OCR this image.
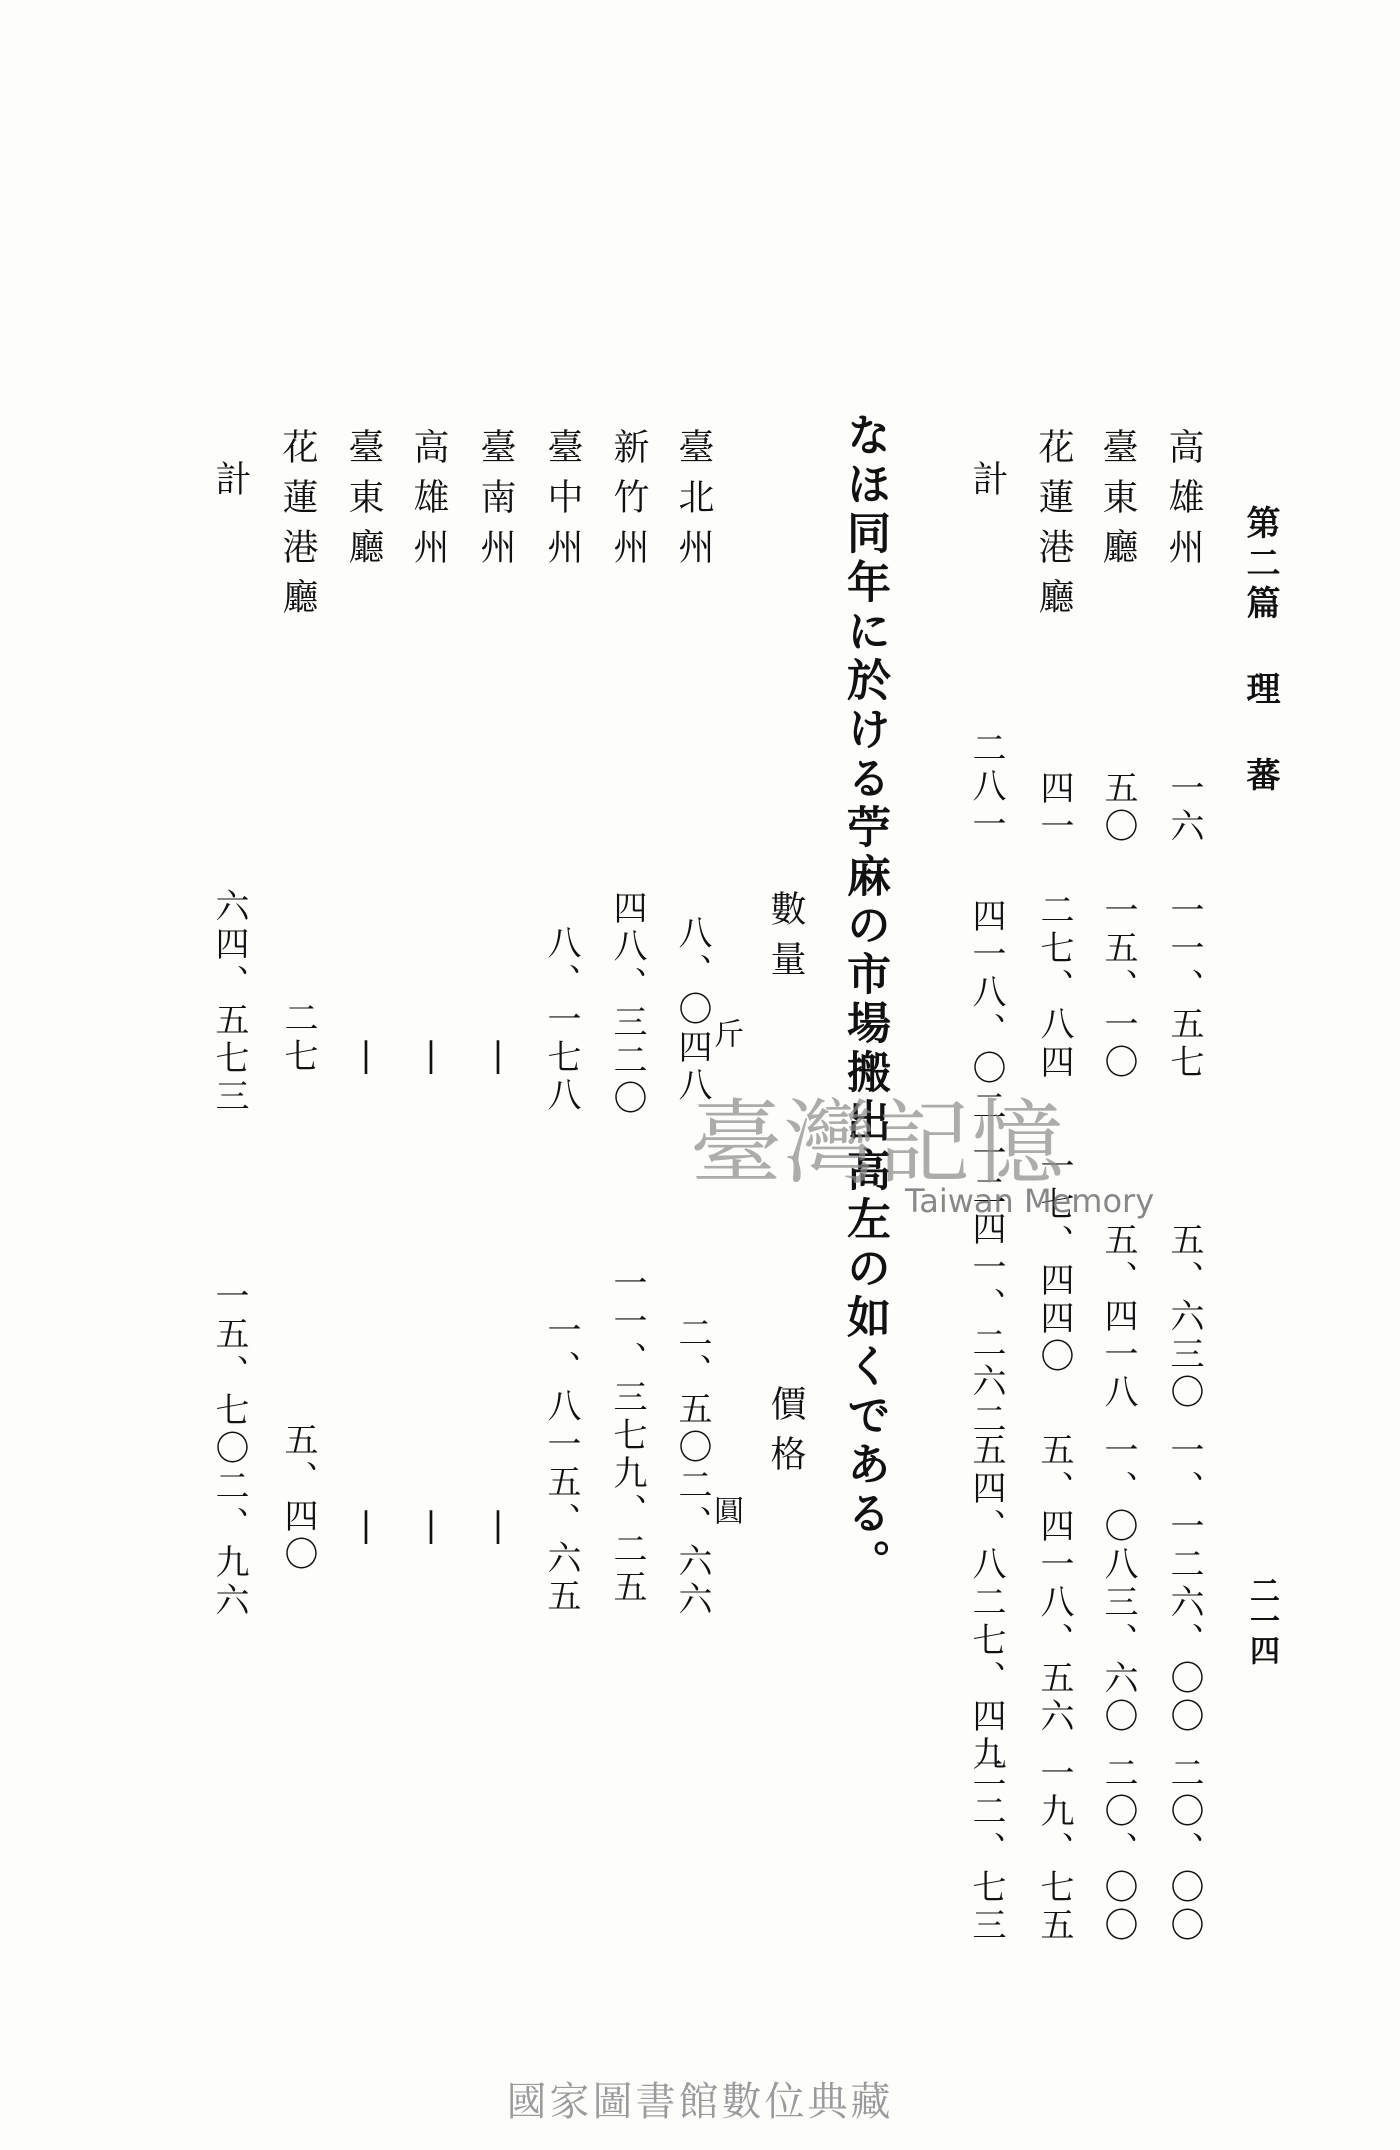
第二篇 理 蕃
二一四
高雄州
一六
一一、五七
五、六三〇
一、一二六、〇〇
二〇、〇〇
臺東廳
五〇
一五、一〇
五、四一八
一、〇八三、六〇
二〇、〇〇
花蓮港廳
四一
二七、八四
一七、四四〇
五、四一八、五六
一九、七五
計
二八一
四一八、〇二
一二四一、二六二
五四、八二七、四九
二二、七三
なほ同年に於ける苧麻の市場搬出高左の如くである。
數量
斤
價格
圓
臺北州
八、〇四八
二、五〇二、六六
新竹州
四八、三二〇
一一、三七九、二五
臺中州
八、一七八
一、八一五、六五
臺南州
|
|
高雄州
|
|
臺東廳
|
|
花蓮港廳
二七
五、四〇
計
六四、五七三
一五、七〇二、九六
臺灣記憶
Taiwan Memory
國家圖書館數位典藏
